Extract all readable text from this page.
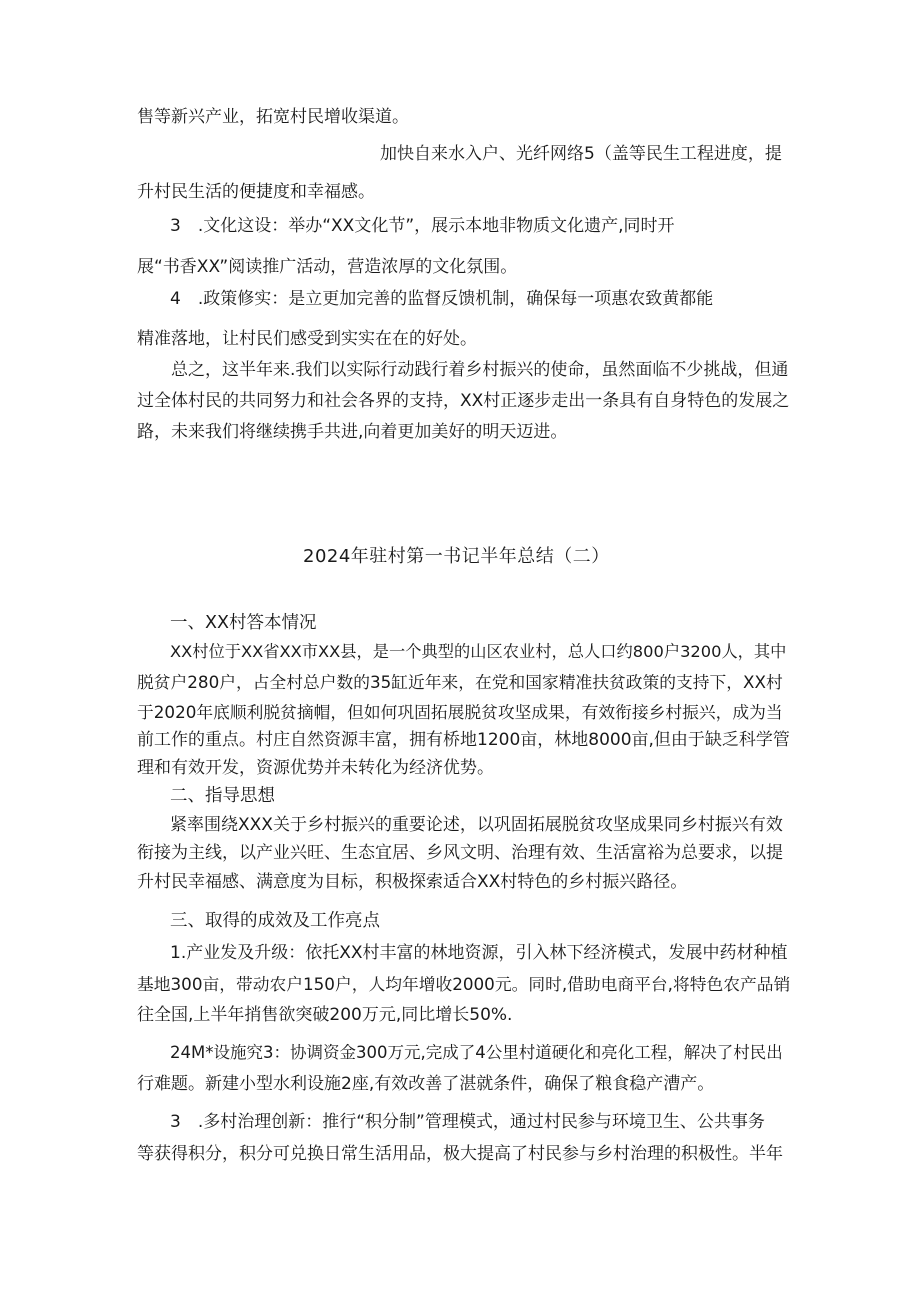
售等新兴产业，拓宽村民增收渠道。
加快自来水入户、光纤网络5（盖等民生工程进度，提
升村民生活的便捷度和幸福感。
3　.文化这设：举办“XX文化节”，展示本地非物质文化遗产,同时开
展“书香XX”阅读推广活动，营造浓厚的文化氛围。
4　.政策修实：是立更加完善的监督反馈机制，确保每一项惠农致黄都能
精准落地，让村民们感受到实实在在的好处。
总之，这半年来.我们以实际行动践行着乡村振兴的使命，虽然面临不少挑战，但通
过全体村民的共同努力和社会各界的支持，XX村正逐步走出一条具有自身特色的发展之
路，未来我们将继续携手共进,向着更加美好的明天迈进。
2024年驻村第一书记半年总结（二）
一、XX村答本情况
XX村位于XX省XX市XX县，是一个典型的山区农业村，总人口约800户3200人，其中
脱贫户280户，占全村总户数的35缸近年来，在党和国家精准扶贫政策的支持下，XX村
于2020年底顺利脱贫摘帽，但如何巩固拓展脱贫攻坚成果，有效衔接乡村振兴，成为当
前工作的重点。村庄自然资源丰富，拥有桥地1200亩，林地8000亩,但由于缺乏科学管
理和有效开发，资源优势并未转化为经济优势。
二、指导思想
紧率围绕XXX关于乡村振兴的重要论述，以巩固拓展脱贫攻坚成果同乡村振兴有效
衔接为主线，以产业兴旺、生态宜居、乡风文明、治理有效、生活富裕为总要求，以提
升村民幸福感、满意度为目标，积极探索适合XX村特色的乡村振兴路径。
三、取得的成效及工作亮点
1.产业发及升级：依托XX村丰富的林地资源，引入林下经济模式，发展中药材种植
基地300亩，带动农户150户，人均年增收2000元。同时,借助电商平台,将特色农产品销
往全国,上半年捎售欲突破200万元,同比增长50%.
24M*设施究3：协调资金300万元,完成了4公里村道硬化和亮化工程，解决了村民出
行难题。新建小型水利设施2座,有效改善了湛就条件，确保了粮食稳产漕产。
3　.多村治理创新：推行“积分制”管理模式，通过村民参与环境卫生、公共事务
等获得积分，积分可兑换日常生活用品，极大提高了村民参与乡村治理的积极性。半年
